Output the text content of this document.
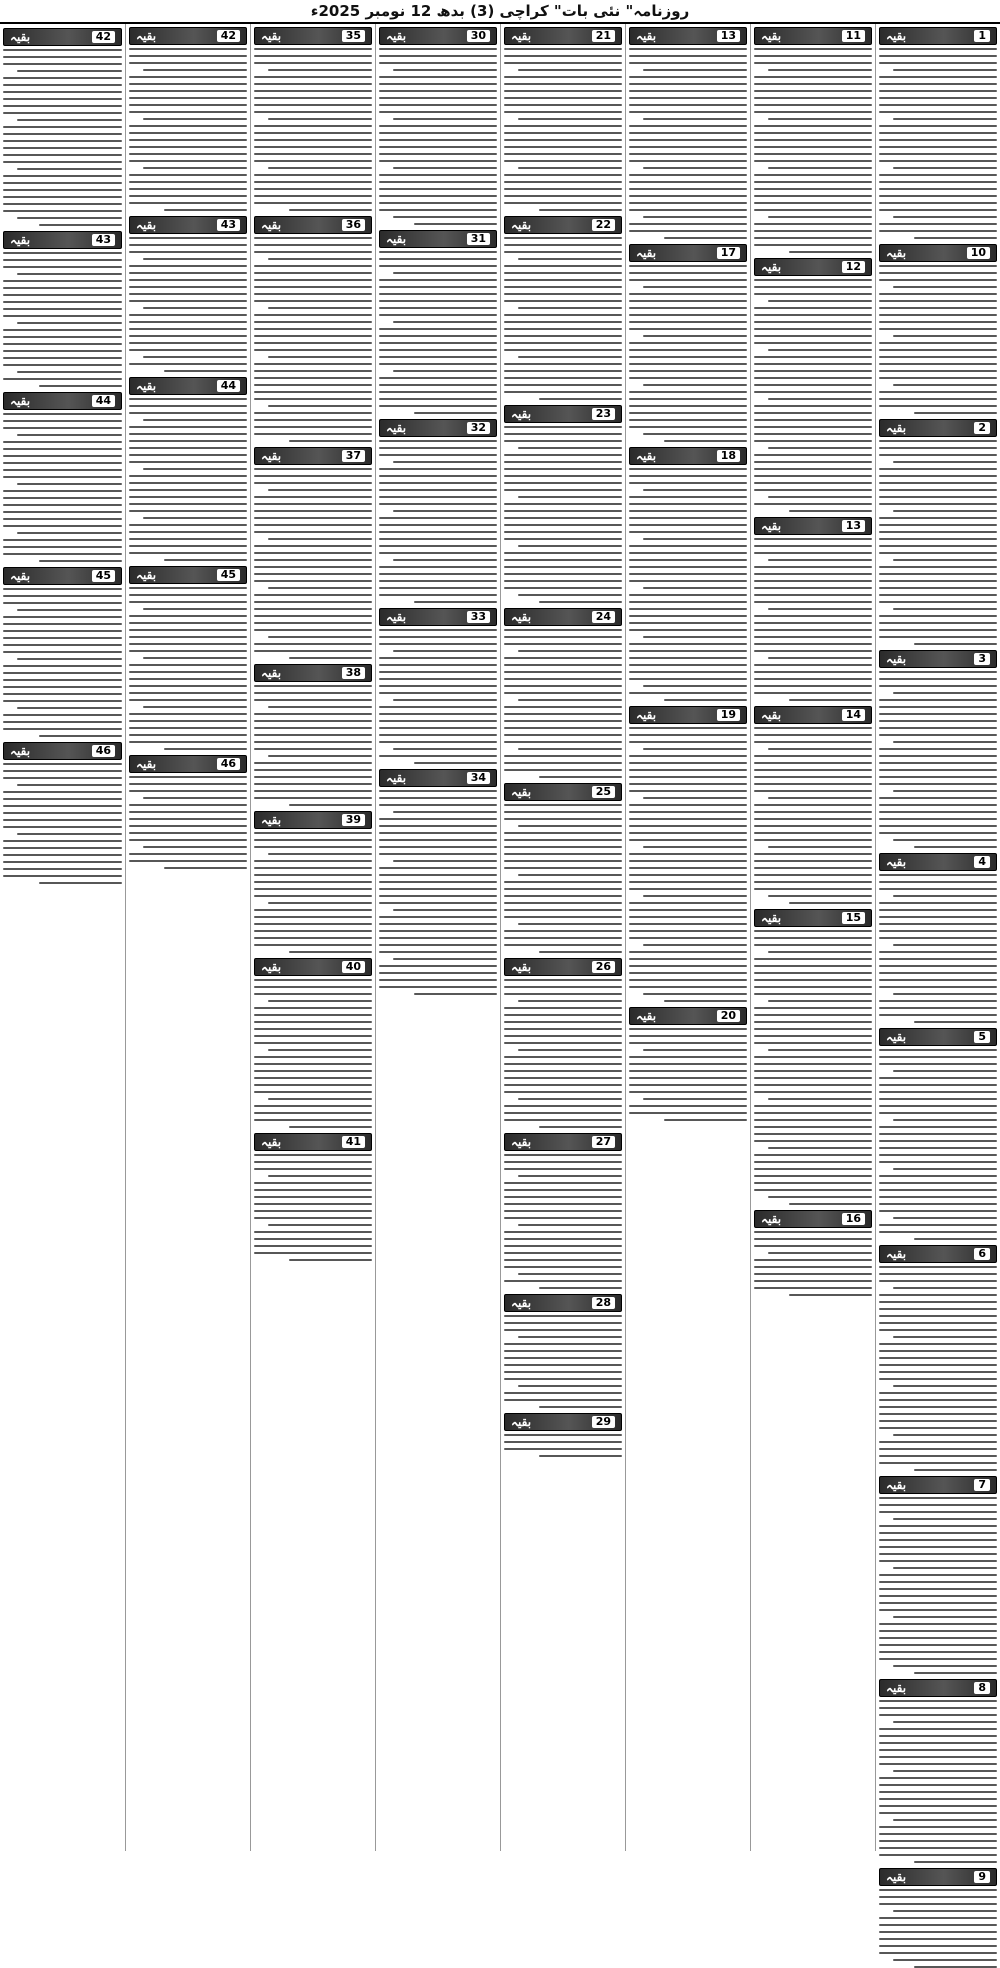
روزنامہ" نئی بات" کراچی (3) بدھ 12 نومبر 2025ء
بقیہ	1
بقیہ	10
بقیہ	2
بقیہ	3
بقیہ	4
بقیہ	5
بقیہ	6
بقیہ	7
بقیہ	8
بقیہ	9
بقیہ	11
بقیہ	12
بقیہ	13
بقیہ	14
بقیہ	15
بقیہ	16
بقیہ	13
بقیہ	17
بقیہ	18
بقیہ	19
بقیہ	20
بقیہ	21
بقیہ	22
بقیہ	23
بقیہ	24
بقیہ	25
بقیہ	26
بقیہ	27
بقیہ	28
بقیہ	29
بقیہ	30
بقیہ	31
بقیہ	32
بقیہ	33
بقیہ	34
بقیہ	35
بقیہ	36
بقیہ	37
بقیہ	38
بقیہ	39
بقیہ	40
بقیہ	41
بقیہ	42
بقیہ	43
بقیہ	44
بقیہ	45
بقیہ	46
بقیہ	42
بقیہ	43
بقیہ	44
بقیہ	45
بقیہ	46
